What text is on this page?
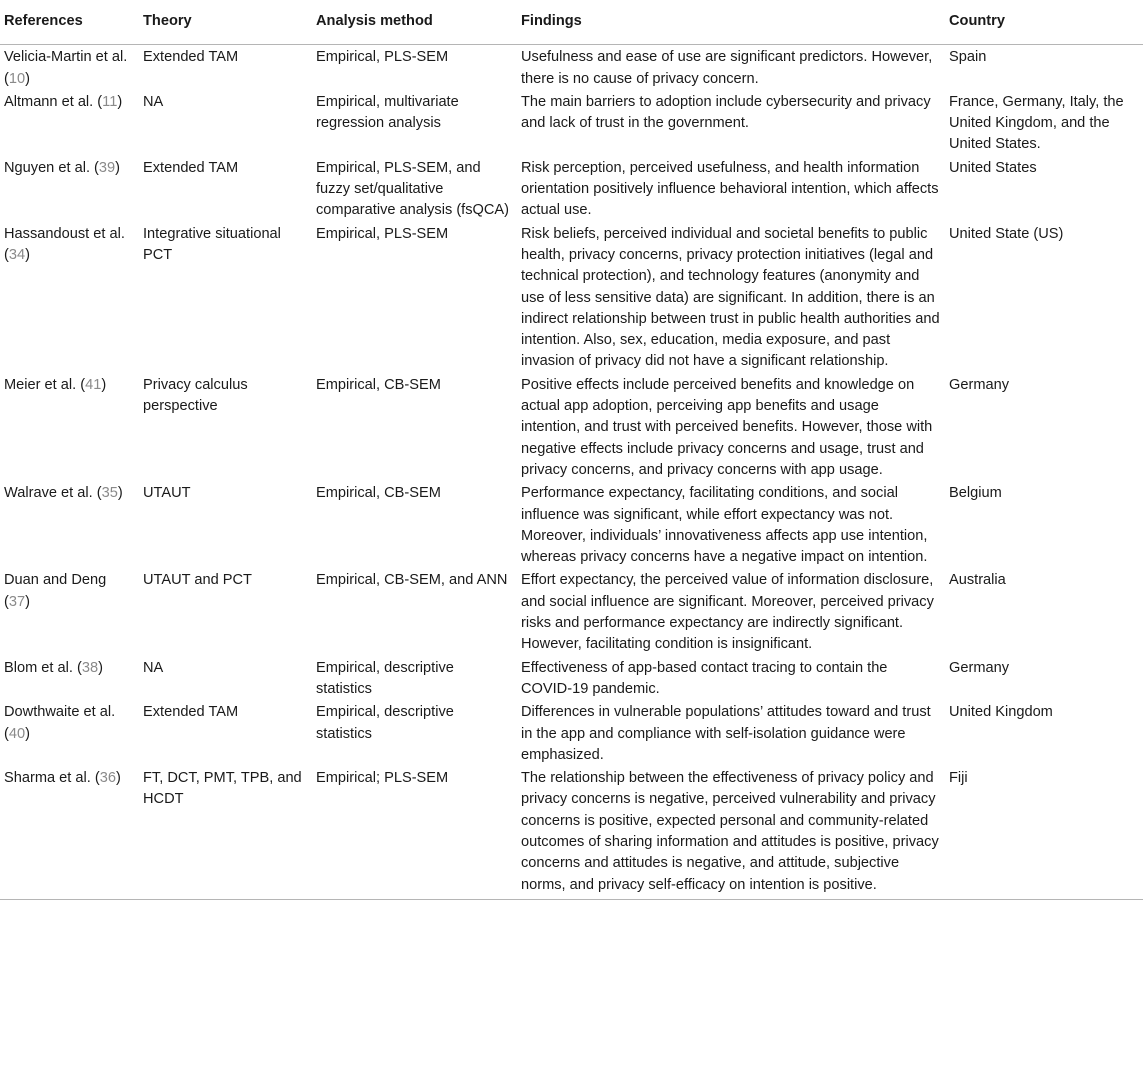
References	Theory	Analysis method	Findings	Country
Velicia-Martin et al. (10)	Extended TAM	Empirical, PLS-SEM	Usefulness and ease of use are significant predictors. However, there is no cause of privacy concern.	Spain
Altmann et al. (11)	NA	Empirical, multivariate regression analysis	The main barriers to adoption include cybersecurity and privacy and lack of trust in the government.	France, Germany, Italy, the United Kingdom, and the United States.
Nguyen et al. (39)	Extended TAM	Empirical, PLS-SEM, and fuzzy set/qualitative comparative analysis (fsQCA)	Risk perception, perceived usefulness, and health information orientation positively influence behavioral intention, which affects actual use.	United States
Hassandoust et al. (34)	Integrative situational PCT	Empirical, PLS-SEM	Risk beliefs, perceived individual and societal benefits to public health, privacy concerns, privacy protection initiatives (legal and technical protection), and technology features (anonymity and use of less sensitive data) are significant. In addition, there is an indirect relationship between trust in public health authorities and intention. Also, sex, education, media exposure, and past invasion of privacy did not have a significant relationship.	United State (US)
Meier et al. (41)	Privacy calculus perspective	Empirical, CB-SEM	Positive effects include perceived benefits and knowledge on actual app adoption, perceiving app benefits and usage intention, and trust with perceived benefits. However, those with negative effects include privacy concerns and usage, trust and privacy concerns, and privacy concerns with app usage.	Germany
Walrave et al. (35)	UTAUT	Empirical, CB-SEM	Performance expectancy, facilitating conditions, and social influence was significant, while effort expectancy was not. Moreover, individuals’ innovativeness affects app use intention, whereas privacy concerns have a negative impact on intention.	Belgium
Duan and Deng (37)	UTAUT and PCT	Empirical, CB-SEM, and ANN	Effort expectancy, the perceived value of information disclosure, and social influence are significant. Moreover, perceived privacy risks and performance expectancy are indirectly significant. However, facilitating condition is insignificant.	Australia
Blom et al. (38)	NA	Empirical, descriptive statistics	Effectiveness of app-based contact tracing to contain the COVID-19 pandemic.	Germany
Dowthwaite et al. (40)	Extended TAM	Empirical, descriptive statistics	Differences in vulnerable populations’ attitudes toward and trust in the app and compliance with self-isolation guidance were emphasized.	United Kingdom
Sharma et al. (36)	FT, DCT, PMT, TPB, and HCDT	Empirical; PLS-SEM	The relationship between the effectiveness of privacy policy and privacy concerns is negative, perceived vulnerability and privacy concerns is positive, expected personal and community-related outcomes of sharing information and attitudes is positive, privacy concerns and attitudes is negative, and attitude, subjective norms, and privacy self-efficacy on intention is positive.	Fiji
